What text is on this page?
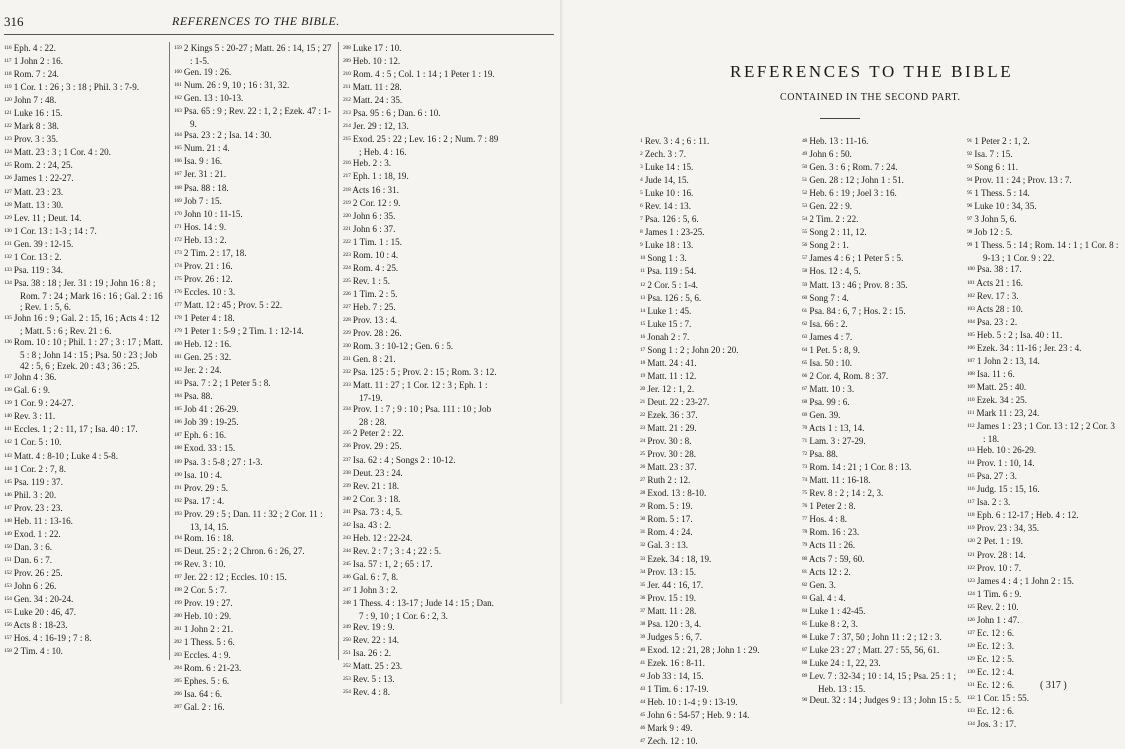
316	REFERENCES TO THE BIBLE.
$^{116}$ Eph. 4 : 22.
$^{117}$ 1 John 2 : 16.
$^{118}$ Rom. 7 : 24.
$^{119}$ 1 Cor. 1 : 26 ; 3 : 18 ; Phil. 3 : 7-9.
$^{120}$ John 7 : 48.
$^{121}$ Luke 16 : 15.
$^{122}$ Mark 8 : 38.
$^{123}$ Prov. 3 : 35.
$^{124}$ Matt. 23 : 3 ; 1 Cor. 4 : 20.
$^{125}$ Rom. 2 : 24, 25.
$^{126}$ James 1 : 22-27.
$^{127}$ Matt. 23 : 23.
$^{128}$ Matt. 13 : 30.
$^{129}$ Lev. 11 ; Deut. 14.
$^{130}$ 1 Cor. 13 : 1-3 ; 14 : 7.
$^{131}$ Gen. 39 : 12-15.
$^{132}$ 1 Cor. 13 : 2.
$^{133}$ Psa. 119 : 34.
$^{134}$ Psa. 38 : 18 ; Jer. 31 : 19 ; John 16 : 8 ; Rom. 7 : 24 ; Mark 16 : 16 ; Gal. 2 : 16 ; Rev. 1 : 5, 6.
$^{135}$ John 16 : 9 ; Gal. 2 : 15, 16 ; Acts 4 : 12 ; Matt. 5 : 6 ; Rev. 21 : 6.
$^{136}$ Rom. 10 : 10 ; Phil. 1 : 27 ; 3 : 17 ; Matt. 5 : 8 ; John 14 : 15 ; Psa. 50 : 23 ; Job 42 : 5, 6 ; Ezek. 20 : 43 ; 36 : 25.
$^{137}$ John 4 : 36.
$^{138}$ Gal. 6 : 9.
$^{139}$ 1 Cor. 9 : 24-27.
$^{140}$ Rev. 3 : 11.
$^{141}$ Eccles. 1 ; 2 : 11, 17 ; Isa. 40 : 17.
$^{142}$ 1 Cor. 5 : 10.
$^{143}$ Matt. 4 : 8-10 ; Luke 4 : 5-8.
$^{144}$ 1 Cor. 2 : 7, 8.
$^{145}$ Psa. 119 : 37.
$^{146}$ Phil. 3 : 20.
$^{147}$ Prov. 23 : 23.
$^{148}$ Heb. 11 : 13-16.
$^{149}$ Exod. 1 : 22.
$^{150}$ Dan. 3 : 6.
$^{151}$ Dan. 6 : 7.
$^{152}$ Prov. 26 : 25.
$^{153}$ John 6 : 26.
$^{154}$ Gen. 34 : 20-24.
$^{155}$ Luke 20 : 46, 47.
$^{156}$ Acts 8 : 18-23.
$^{157}$ Hos. 4 : 16-19 ; 7 : 8.
$^{158}$ 2 Tim. 4 : 10.
$^{159}$ 2 Kings 5 : 20-27 ; Matt. 26 : 14, 15 ; 27 : 1-5.
$^{160}$ Gen. 19 : 26.
$^{161}$ Num. 26 : 9, 10 ; 16 : 31, 32.
$^{162}$ Gen. 13 : 10-13.
$^{163}$ Psa. 65 : 9 ; Rev. 22 : 1, 2 ; Ezek. 47 : 1-9.
$^{164}$ Psa. 23 : 2 ; Isa. 14 : 30.
$^{165}$ Num. 21 : 4.
$^{166}$ Isa. 9 : 16.
$^{167}$ Jer. 31 : 21.
$^{168}$ Psa. 88 : 18.
$^{169}$ Job 7 : 15.
$^{170}$ John 10 : 11-15.
$^{171}$ Hos. 14 : 9.
$^{172}$ Heb. 13 : 2.
$^{173}$ 2 Tim. 2 : 17, 18.
$^{174}$ Prov. 21 : 16.
$^{175}$ Prov. 26 : 12.
$^{176}$ Eccles. 10 : 3.
$^{177}$ Matt. 12 : 45 ; Prov. 5 : 22.
$^{178}$ 1 Peter 4 : 18.
$^{179}$ 1 Peter 1 : 5-9 ; 2 Tim. 1 : 12-14.
$^{180}$ Heb. 12 : 16.
$^{181}$ Gen. 25 : 32.
$^{182}$ Jer. 2 : 24.
$^{183}$ Psa. 7 : 2 ; 1 Peter 5 : 8.
$^{184}$ Psa. 88.
$^{185}$ Job 41 : 26-29.
$^{186}$ Job 39 : 19-25.
$^{187}$ Eph. 6 : 16.
$^{188}$ Exod. 33 : 15.
$^{189}$ Psa. 3 : 5-8 ; 27 : 1-3.
$^{190}$ Isa. 10 : 4.
$^{191}$ Prov. 29 : 5.
$^{192}$ Psa. 17 : 4.
$^{193}$ Prov. 29 : 5 ; Dan. 11 : 32 ; 2 Cor. 11 : 13, 14, 15.
$^{194}$ Rom. 16 : 18.
$^{195}$ Deut. 25 : 2 ; 2 Chron. 6 : 26, 27.
$^{196}$ Rev. 3 : 10.
$^{197}$ Jer. 22 : 12 ; Eccles. 10 : 15.
$^{198}$ 2 Cor. 5 : 7.
$^{199}$ Prov. 19 : 27.
$^{200}$ Heb. 10 : 29.
$^{201}$ 1 John 2 : 21.
$^{202}$ 1 Thess. 5 : 6.
$^{203}$ Eccles. 4 : 9.
$^{204}$ Rom. 6 : 21-23.
$^{205}$ Ephes. 5 : 6.
$^{206}$ Isa. 64 : 6.
$^{207}$ Gal. 2 : 16.
$^{208}$ Luke 17 : 10.
$^{209}$ Heb. 10 : 12.
$^{210}$ Rom. 4 : 5 ; Col. 1 : 14 ; 1 Peter 1 : 19.
$^{211}$ Matt. 11 : 28.
$^{212}$ Matt. 24 : 35.
$^{213}$ Psa. 95 : 6 ; Dan. 6 : 10.
$^{214}$ Jer. 29 : 12, 13.
$^{215}$ Exod. 25 : 22 ; Lev. 16 : 2 ; Num. 7 : 89 ; Heb. 4 : 16.
$^{216}$ Heb. 2 : 3.
$^{217}$ Eph. 1 : 18, 19.
$^{218}$ Acts 16 : 31.
$^{219}$ 2 Cor. 12 : 9.
$^{220}$ John 6 : 35.
$^{221}$ John 6 : 37.
$^{222}$ 1 Tim. 1 : 15.
$^{223}$ Rom. 10 : 4.
$^{224}$ Rom. 4 : 25.
$^{225}$ Rev. 1 : 5.
$^{226}$ 1 Tim. 2 : 5.
$^{227}$ Heb. 7 : 25.
$^{228}$ Prov. 13 : 4.
$^{229}$ Prov. 28 : 26.
$^{230}$ Rom. 3 : 10-12 ; Gen. 6 : 5.
$^{231}$ Gen. 8 : 21.
$^{232}$ Psa. 125 : 5 ; Prov. 2 : 15 ; Rom. 3 : 12.
$^{233}$ Matt. 11 : 27 ; 1 Cor. 12 : 3 ; Eph. 1 : 17-19.
$^{234}$ Prov. 1 : 7 ; 9 : 10 ; Psa. 111 : 10 ; Job 28 : 28.
$^{235}$ 2 Peter 2 : 22.
$^{236}$ Prov. 29 : 25.
$^{237}$ Isa. 62 : 4 ; Songs 2 : 10-12.
$^{238}$ Deut. 23 : 24.
$^{239}$ Rev. 21 : 18.
$^{240}$ 2 Cor. 3 : 18.
$^{241}$ Psa. 73 : 4, 5.
$^{242}$ Isa. 43 : 2.
$^{243}$ Heb. 12 : 22-24.
$^{244}$ Rev. 2 : 7 ; 3 : 4 ; 22 : 5.
$^{245}$ Isa. 57 : 1, 2 ; 65 : 17.
$^{246}$ Gal. 6 : 7, 8.
$^{247}$ 1 John 3 : 2.
$^{248}$ 1 Thess. 4 : 13-17 ; Jude 14 : 15 ; Dan. 7 : 9, 10 ; 1 Cor. 6 : 2, 3.
$^{249}$ Rev. 19 : 9.
$^{250}$ Rev. 22 : 14.
$^{251}$ Isa. 26 : 2.
$^{252}$ Matt. 25 : 23.
$^{253}$ Rev. 5 : 13.
$^{254}$ Rev. 4 : 8.
REFERENCES TO THE BIBLE
CONTAINED IN THE SECOND PART.
$^1$ Rev. 3 : 4 ; 6 : 11.
$^2$ Zech. 3 : 7.
$^3$ Luke 14 : 15.
$^4$ Jude 14, 15.
$^5$ Luke 10 : 16.
$^6$ Rev. 14 : 13.
$^7$ Psa. 126 : 5, 6.
$^8$ James 1 : 23-25.
$^9$ Luke 18 : 13.
$^{10}$ Song 1 : 3.
$^{11}$ Psa. 119 : 54.
$^{12}$ 2 Cor. 5 : 1-4.
$^{13}$ Psa. 126 : 5, 6.
$^{14}$ Luke 1 : 45.
$^{15}$ Luke 15 : 7.
$^{16}$ Jonah 2 : 7.
$^{17}$ Song 1 : 2 ; John 20 : 20.
$^{18}$ Matt. 24 : 41.
$^{19}$ Matt. 11 : 12.
$^{20}$ Jer. 12 : 1, 2.
$^{21}$ Deut. 22 : 23-27.
$^{22}$ Ezek. 36 : 37.
$^{23}$ Matt. 21 : 29.
$^{24}$ Prov. 30 : 8.
$^{25}$ Prov. 30 : 28.
$^{26}$ Matt. 23 : 37.
$^{27}$ Ruth 2 : 12.
$^{28}$ Exod. 13 : 8-10.
$^{29}$ Rom. 5 : 19.
$^{30}$ Rom. 5 : 17.
$^{31}$ Rom. 4 : 24.
$^{32}$ Gal. 3 : 13.
$^{33}$ Ezek. 34 : 18, 19.
$^{34}$ Prov. 13 : 15.
$^{35}$ Jer. 44 : 16, 17.
$^{36}$ Prov. 15 : 19.
$^{37}$ Matt. 11 : 28.
$^{38}$ Psa. 120 : 3, 4.
$^{39}$ Judges 5 : 6, 7.
$^{40}$ Exod. 12 : 21, 28 ; John 1 : 29.
$^{41}$ Ezek. 16 : 8-11.
$^{42}$ Job 33 : 14, 15.
$^{43}$ 1 Tim. 6 : 17-19.
$^{44}$ Heb. 10 : 1-4 ; 9 : 13-19.
$^{45}$ John 6 : 54-57 ; Heb. 9 : 14.
$^{46}$ Mark 9 : 49.
$^{47}$ Zech. 12 : 10.
$^{48}$ Heb. 13 : 11-16.
$^{49}$ John 6 : 50.
$^{50}$ Gen. 3 : 6 ; Rom. 7 : 24.
$^{51}$ Gen. 28 : 12 ; John 1 : 51.
$^{52}$ Heb. 6 : 19 ; Joel 3 : 16.
$^{53}$ Gen. 22 : 9.
$^{54}$ 2 Tim. 2 : 22.
$^{55}$ Song 2 : 11, 12.
$^{56}$ Song 2 : 1.
$^{57}$ James 4 : 6 ; 1 Peter 5 : 5.
$^{58}$ Hos. 12 : 4, 5.
$^{59}$ Matt. 13 : 46 ; Prov. 8 : 35.
$^{60}$ Song 7 : 4.
$^{61}$ Psa. 84 : 6, 7 ; Hos. 2 : 15.
$^{62}$ Isa. 66 : 2.
$^{63}$ James 4 : 7.
$^{64}$ 1 Pet. 5 : 8, 9.
$^{65}$ Isa. 50 : 10.
$^{66}$ 2 Cor. 4, Rom. 8 : 37.
$^{67}$ Matt. 10 : 3.
$^{68}$ Psa. 99 : 6.
$^{69}$ Gen. 39.
$^{70}$ Acts 1 : 13, 14.
$^{71}$ Lam. 3 : 27-29.
$^{72}$ Psa. 88.
$^{73}$ Rom. 14 : 21 ; 1 Cor. 8 : 13.
$^{74}$ Matt. 11 : 16-18.
$^{75}$ Rev. 8 : 2 ; 14 : 2, 3.
$^{76}$ 1 Peter 2 : 8.
$^{77}$ Hos. 4 : 8.
$^{78}$ Rom. 16 : 23.
$^{79}$ Acts 11 : 26.
$^{80}$ Acts 7 : 59, 60.
$^{81}$ Acts 12 : 2.
$^{82}$ Gen. 3.
$^{83}$ Gal. 4 : 4.
$^{84}$ Luke 1 : 42-45.
$^{85}$ Luke 8 : 2, 3.
$^{86}$ Luke 7 : 37, 50 ; John 11 : 2 ; 12 : 3.
$^{87}$ Luke 23 : 27 ; Matt. 27 : 55, 56, 61.
$^{88}$ Luke 24 : 1, 22, 23.
$^{89}$ Lev. 7 : 32-34 ; 10 : 14, 15 ; Psa. 25 : 1 ; Heb. 13 : 15.
$^{90}$ Deut. 32 : 14 ; Judges 9 : 13 ; John 15 : 5.
$^{91}$ 1 Peter 2 : 1, 2.
$^{92}$ Isa. 7 : 15.
$^{93}$ Song 6 : 11.
$^{94}$ Prov. 11 : 24 ; Prov. 13 : 7.
$^{95}$ 1 Thess. 5 : 14.
$^{96}$ Luke 10 : 34, 35.
$^{97}$ 3 John 5, 6.
$^{98}$ Job 12 : 5.
$^{99}$ 1 Thess. 5 : 14 ; Rom. 14 : 1 ; 1 Cor. 8 : 9-13 ; 1 Cor. 9 : 22.
$^{100}$ Psa. 38 : 17.
$^{101}$ Acts 21 : 16.
$^{102}$ Rev. 17 : 3.
$^{103}$ Acts 28 : 10.
$^{104}$ Psa. 23 : 2.
$^{105}$ Heb. 5 : 2 ; Isa. 40 : 11.
$^{106}$ Ezek. 34 : 11-16 ; Jer. 23 : 4.
$^{107}$ 1 John 2 : 13, 14.
$^{108}$ Isa. 11 : 6.
$^{109}$ Matt. 25 : 40.
$^{110}$ Ezek. 34 : 25.
$^{111}$ Mark 11 : 23, 24.
$^{112}$ James 1 : 23 ; 1 Cor. 13 : 12 ; 2 Cor. 3 : 18.
$^{113}$ Heb. 10 : 26-29.
$^{114}$ Prov. 1 : 10, 14.
$^{115}$ Psa. 27 : 3.
$^{116}$ Judg. 15 : 15, 16.
$^{117}$ Isa. 2 : 3.
$^{118}$ Eph. 6 : 12-17 ; Heb. 4 : 12.
$^{119}$ Prov. 23 : 34, 35.
$^{120}$ 2 Pet. 1 : 19.
$^{121}$ Prov. 28 : 14.
$^{122}$ Prov. 10 : 7.
$^{123}$ James 4 : 4 ; 1 John 2 : 15.
$^{124}$ 1 Tim. 6 : 9.
$^{125}$ Rev. 2 : 10.
$^{126}$ John 1 : 47.
$^{127}$ Ec. 12 : 6.
$^{128}$ Ec. 12 : 3.
$^{129}$ Ec. 12 : 5.
$^{130}$ Ec. 12 : 4.
$^{131}$ Ec. 12 : 6.
$^{132}$ 1 Cor. 15 : 55.
$^{133}$ Ec. 12 : 6.
$^{134}$ Jos. 3 : 17.
( 317 )
